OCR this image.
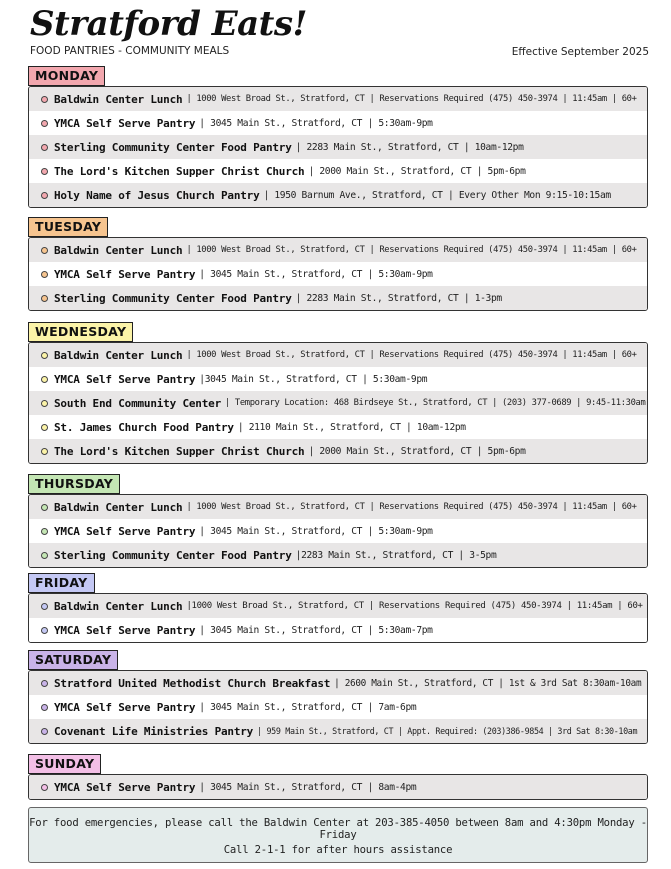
Stratford Eats!
FOOD PANTRIES - COMMUNITY MEALS	Effective September 2025
MONDAY
Baldwin Center Lunch | 1000 West Broad St., Stratford, CT | Reservations Required (475) 450-3974 | 11:45am | 60+
YMCA Self Serve Pantry | 3045 Main St., Stratford, CT | 5:30am-9pm
Sterling Community Center Food Pantry | 2283 Main St., Stratford, CT | 10am-12pm
The Lord's Kitchen Supper Christ Church | 2000 Main St., Stratford, CT | 5pm-6pm
Holy Name of Jesus Church Pantry | 1950 Barnum Ave., Stratford, CT | Every Other Mon 9:15-10:15am
TUESDAY
Baldwin Center Lunch | 1000 West Broad St., Stratford, CT | Reservations Required (475) 450-3974 | 11:45am | 60+
YMCA Self Serve Pantry | 3045 Main St., Stratford, CT | 5:30am-9pm
Sterling Community Center Food Pantry | 2283 Main St., Stratford, CT | 1-3pm
WEDNESDAY
Baldwin Center Lunch | 1000 West Broad St., Stratford, CT | Reservations Required (475) 450-3974 | 11:45am | 60+
YMCA Self Serve Pantry |3045 Main St., Stratford, CT | 5:30am-9pm
South End Community Center | Temporary Location: 468 Birdseye St., Stratford, CT | (203) 377-0689 | 9:45-11:30am
St. James Church Food Pantry | 2110 Main St., Stratford, CT | 10am-12pm
The Lord's Kitchen Supper Christ Church | 2000 Main St., Stratford, CT | 5pm-6pm
THURSDAY
Baldwin Center Lunch | 1000 West Broad St., Stratford, CT | Reservations Required (475) 450-3974 | 11:45am | 60+
YMCA Self Serve Pantry | 3045 Main St., Stratford, CT | 5:30am-9pm
Sterling Community Center Food Pantry |2283 Main St., Stratford, CT | 3-5pm
FRIDAY
Baldwin Center Lunch |1000 West Broad St., Stratford, CT | Reservations Required (475) 450-3974 | 11:45am | 60+
YMCA Self Serve Pantry | 3045 Main St., Stratford, CT | 5:30am-7pm
SATURDAY
Stratford United Methodist Church Breakfast | 2600 Main St., Stratford, CT | 1st & 3rd Sat 8:30am-10am
YMCA Self Serve Pantry | 3045 Main St., Stratford, CT | 7am-6pm
Covenant Life Ministries Pantry | 959 Main St., Stratford, CT | Appt. Required: (203)386-9854 | 3rd Sat 8:30-10am
SUNDAY
YMCA Self Serve Pantry | 3045 Main St., Stratford, CT | 8am-4pm
For food emergencies, please call the Baldwin Center at 203-385-4050 between 8am and 4:30pm Monday - Friday
Call 2-1-1 for after hours assistance
